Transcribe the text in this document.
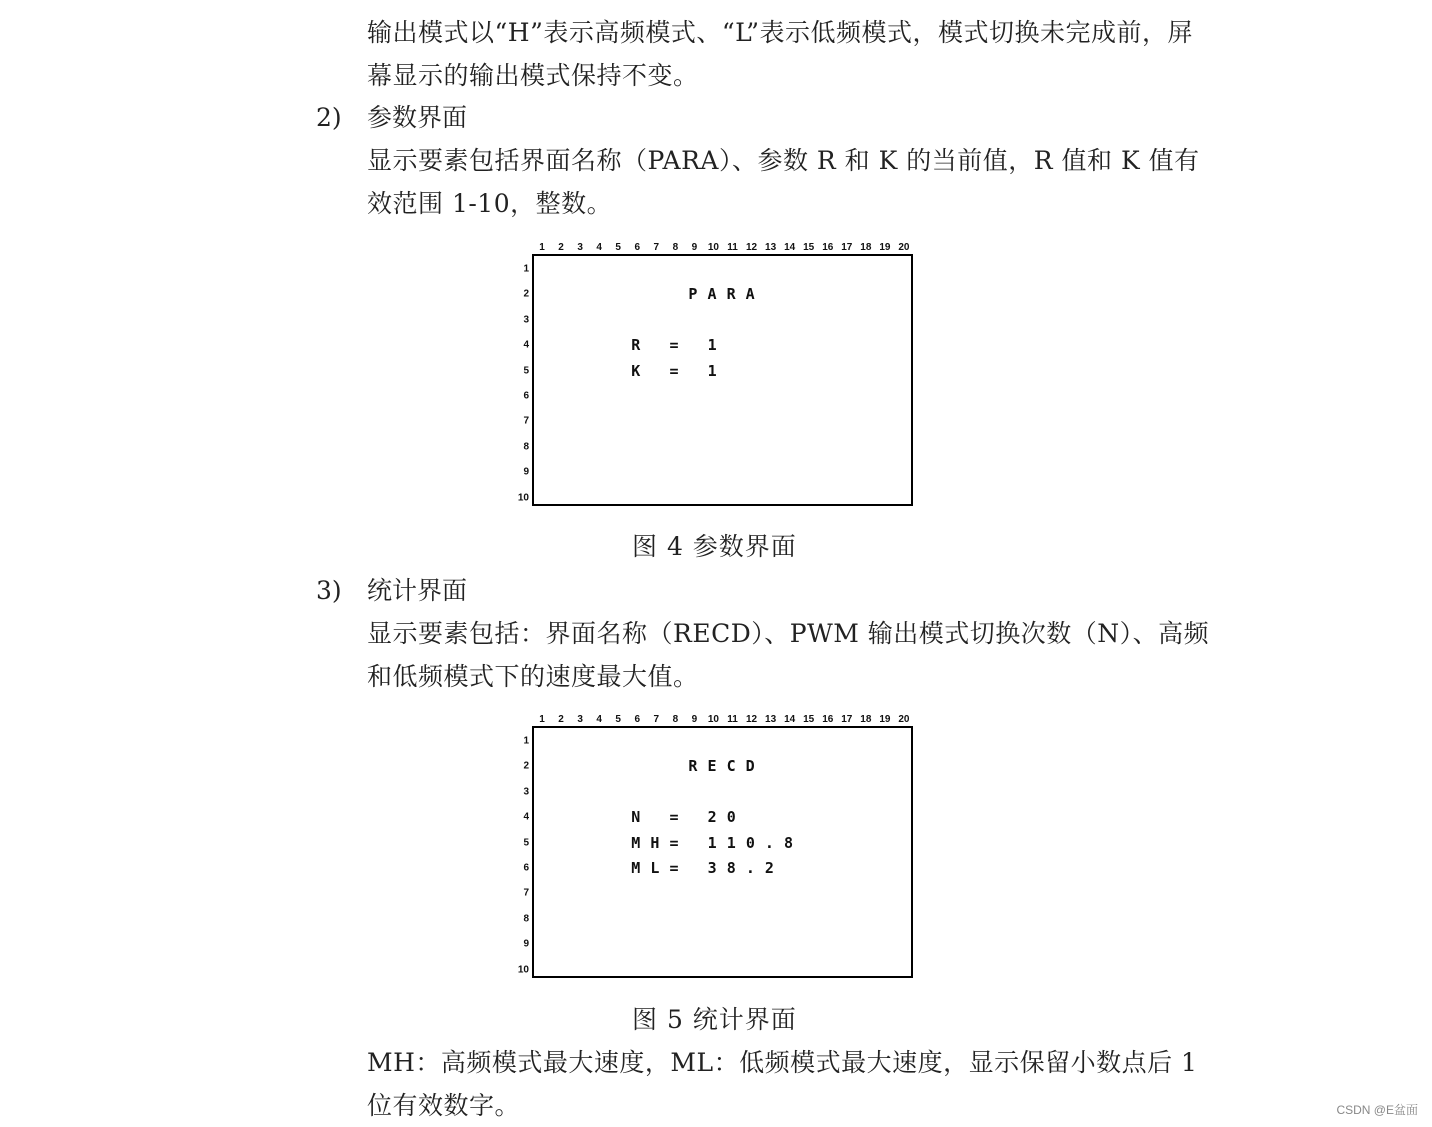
输出模式以“H”表示高频模式、“L”表示低频模式，模式切换未完成前，屏幕显示的输出模式保持不变。

2) 参数界面

显示要素包括界面名称（PARA）、参数 R 和 K 的当前值，R 值和 K 值有效范围 1-10，整数。

1	2	3	4	5	6	7	8	9	10 11 12 13 14 15 16 17 18 19 20
1
2
3
4
5
6
7
8
9
10
P A R A
R = 1
K = 1
图 4 参数界面
3) 统计界面

显示要素包括：界面名称（RECD）、PWM 输出模式切换次数（N）、高频和低频模式下的速度最大值。

1	2	3	4	5	6	7	8	9	10 11 12 13 14 15 16 17 18 19 20
1
2
3
4
5
6
7
8
9
10
R E C D
N = 2 0
M H = 1 1 0 . 8
M L = 3 8 . 2
图 5 统计界面

MH：高频模式最大速度，ML：低频模式最大速度，显示保留小数点后 1 位有效数字。	CSDN @E盆面
